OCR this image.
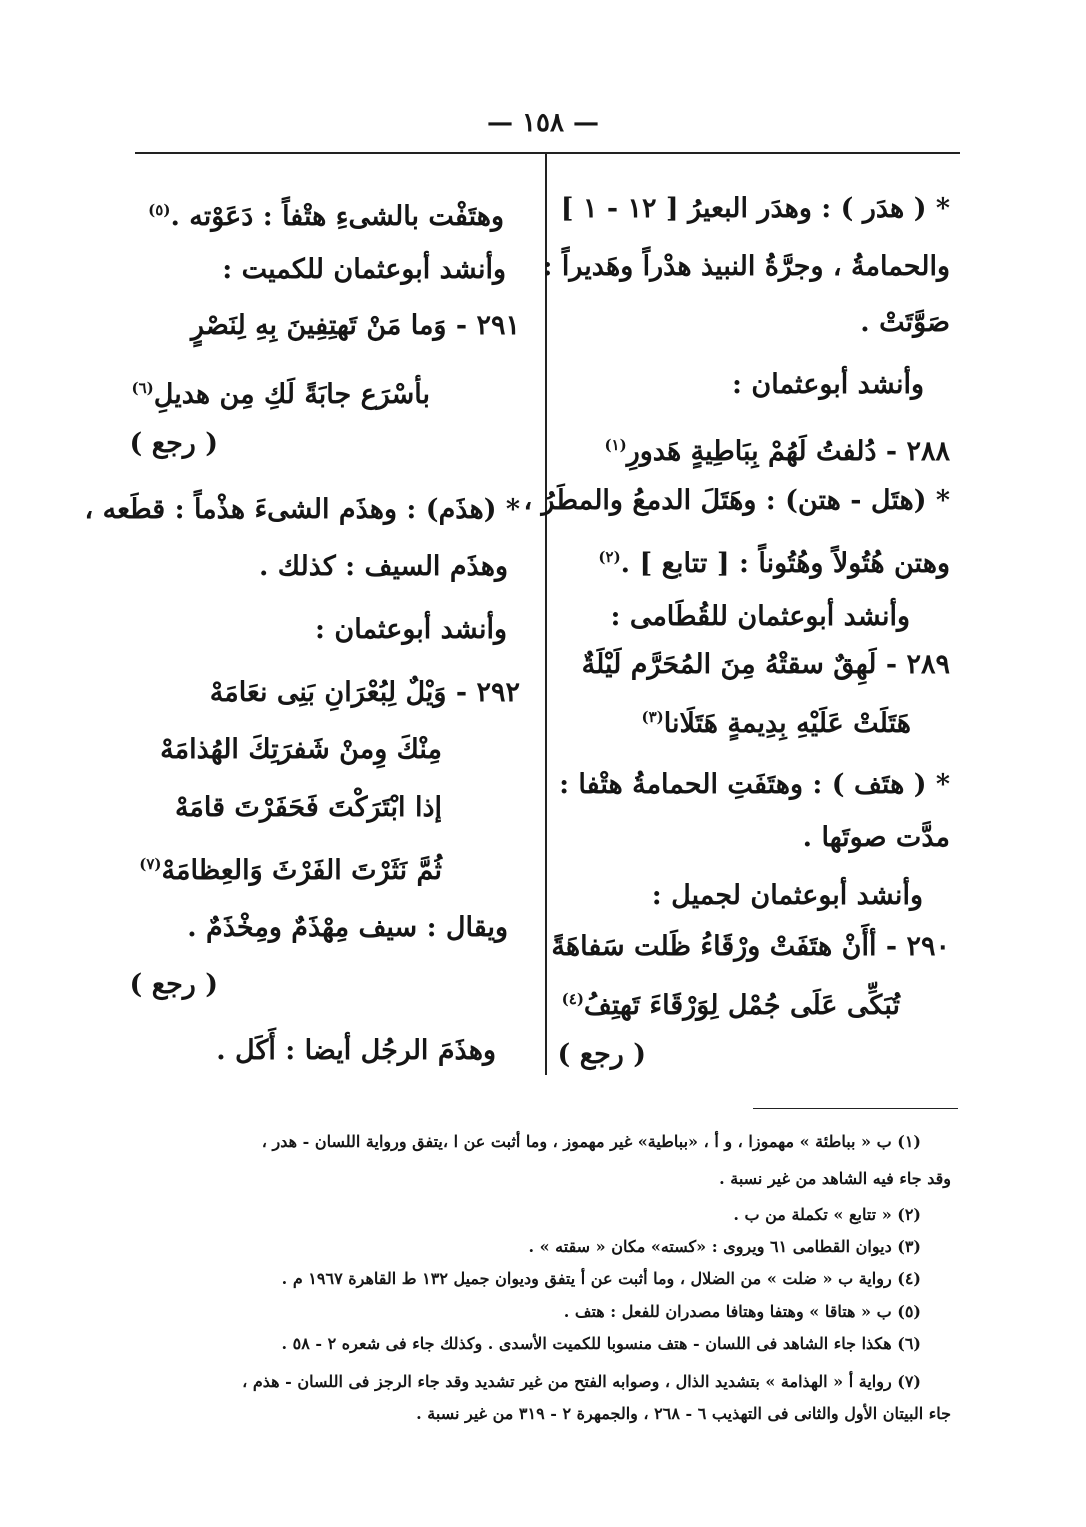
— ١٥٨ —
* ( هدَر ) : وهدَر البعيرُ [ ١٢ - ١ ]
والحمامةُ ، وجرَّةُ النبيذ هدْراً وهَديراً :
صَوَّتَتْ .
وأنشد أبوعثمان :
٢٨٨ - دُلفتُ لَهُمْ بِبَاطِيةٍ هَدورِ$^{(١)}$
* (هتَل - هتن) : وهَتَلَ الدمعُ والمطَرُ ،
وهتن هُتُولاً وهُتُوناً : [ تتابع ] .$^{(٢)}$
وأنشد أبوعثمان للقُطَامى :
٢٨٩ - لَهِقٌ سقتْهُ مِنَ المُحَرَّم لَيْلَةٌ
هَتَلَتْ عَلَيْهِ بِدِيمةٍ هَتَلَانا$^{(٣)}$
* ( هتَف ) : وهتَفَتِ الحمامةُ هتْفا :
مدَّت صوتَها .
وأنشد أبوعثمان لجميل :
٢٩٠ - أأَنْ هتَفَتْ ورْقَاءُ ظَلت سَفاهَةً
تُبَكِّى عَلَى جُمْل لِوَرْقَاءَ تَهتِفُ$^{(٤)}$
( رجع )
وهتَفْت بالشىءِ هتْفاً : دَعَوْته .$^{(٥)}$
وأنشد أبوعثمان للكميت :
٢٩١ - وَما مَنْ تَهتِفِينَ بِهِ لِنَصْرٍ
بأسْرَع جابَةً لَكِ مِن هديلِ$^{(٦)}$
( رجع )
* (هذَم) : وهذَم الشىءَ هذْماً : قطَعه ،
وهذَم السيف : كذلك .
وأنشد أبوعثمان :
٢٩٢ - وَيْلٌ لِبُعْرَانِ بَنِى نعَامَهْ
مِنْكَ وِمنْ شَفرَتِكَ الهُذامَهْ
إذا ابْتَرَكْتَ فَحَفَرْتَ قامَهْ
ثُمَّ نَثَرْتَ الفَرْثَ وَالعِظامَهْ$^{(٧)}$
ويقال : سيف مِهْذَمٌ ومِخْذَمٌ .
( رجع )
وهذَمَ الرجُل أيضا : أَكَل .
(١) ب « بباطئة » مهموزا ، و أ ، «بباطية» غير مهموز ، وما أثبت عن ا ،يتفق ورواية اللسان - هدر ،
وقد جاء فيه الشاهد من غير نسبة .
(٢) « تتابع » تكملة من ب .
(٣) ديوان القطامى ٦١ ويروى : «كسته» مكان « سقته » .
(٤) رواية ب « ضلت » من الضلال ، وما أثبت عن أ يتفق وديوان جميل ١٣٢ ط القاهرة ١٩٦٧ م .
(٥) ب « هتاقا » وهتفا وهتافا مصدران للفعل : هتف .
(٦) هكذا جاء الشاهد فى اللسان - هتف منسوبا للكميت الأسدى . وكذلك جاء فى شعره ٢ - ٥٨ .
(٧) رواية أ « الهذامة » بتشديد الذال ، وصوابه الفتح من غير تشديد وقد جاء الرجز فى اللسان - هذم ،
جاء البيتان الأول والثانى فى التهذيب ٦ - ٢٦٨ ، والجمهرة ٢ - ٣١٩ من غير نسبة .
